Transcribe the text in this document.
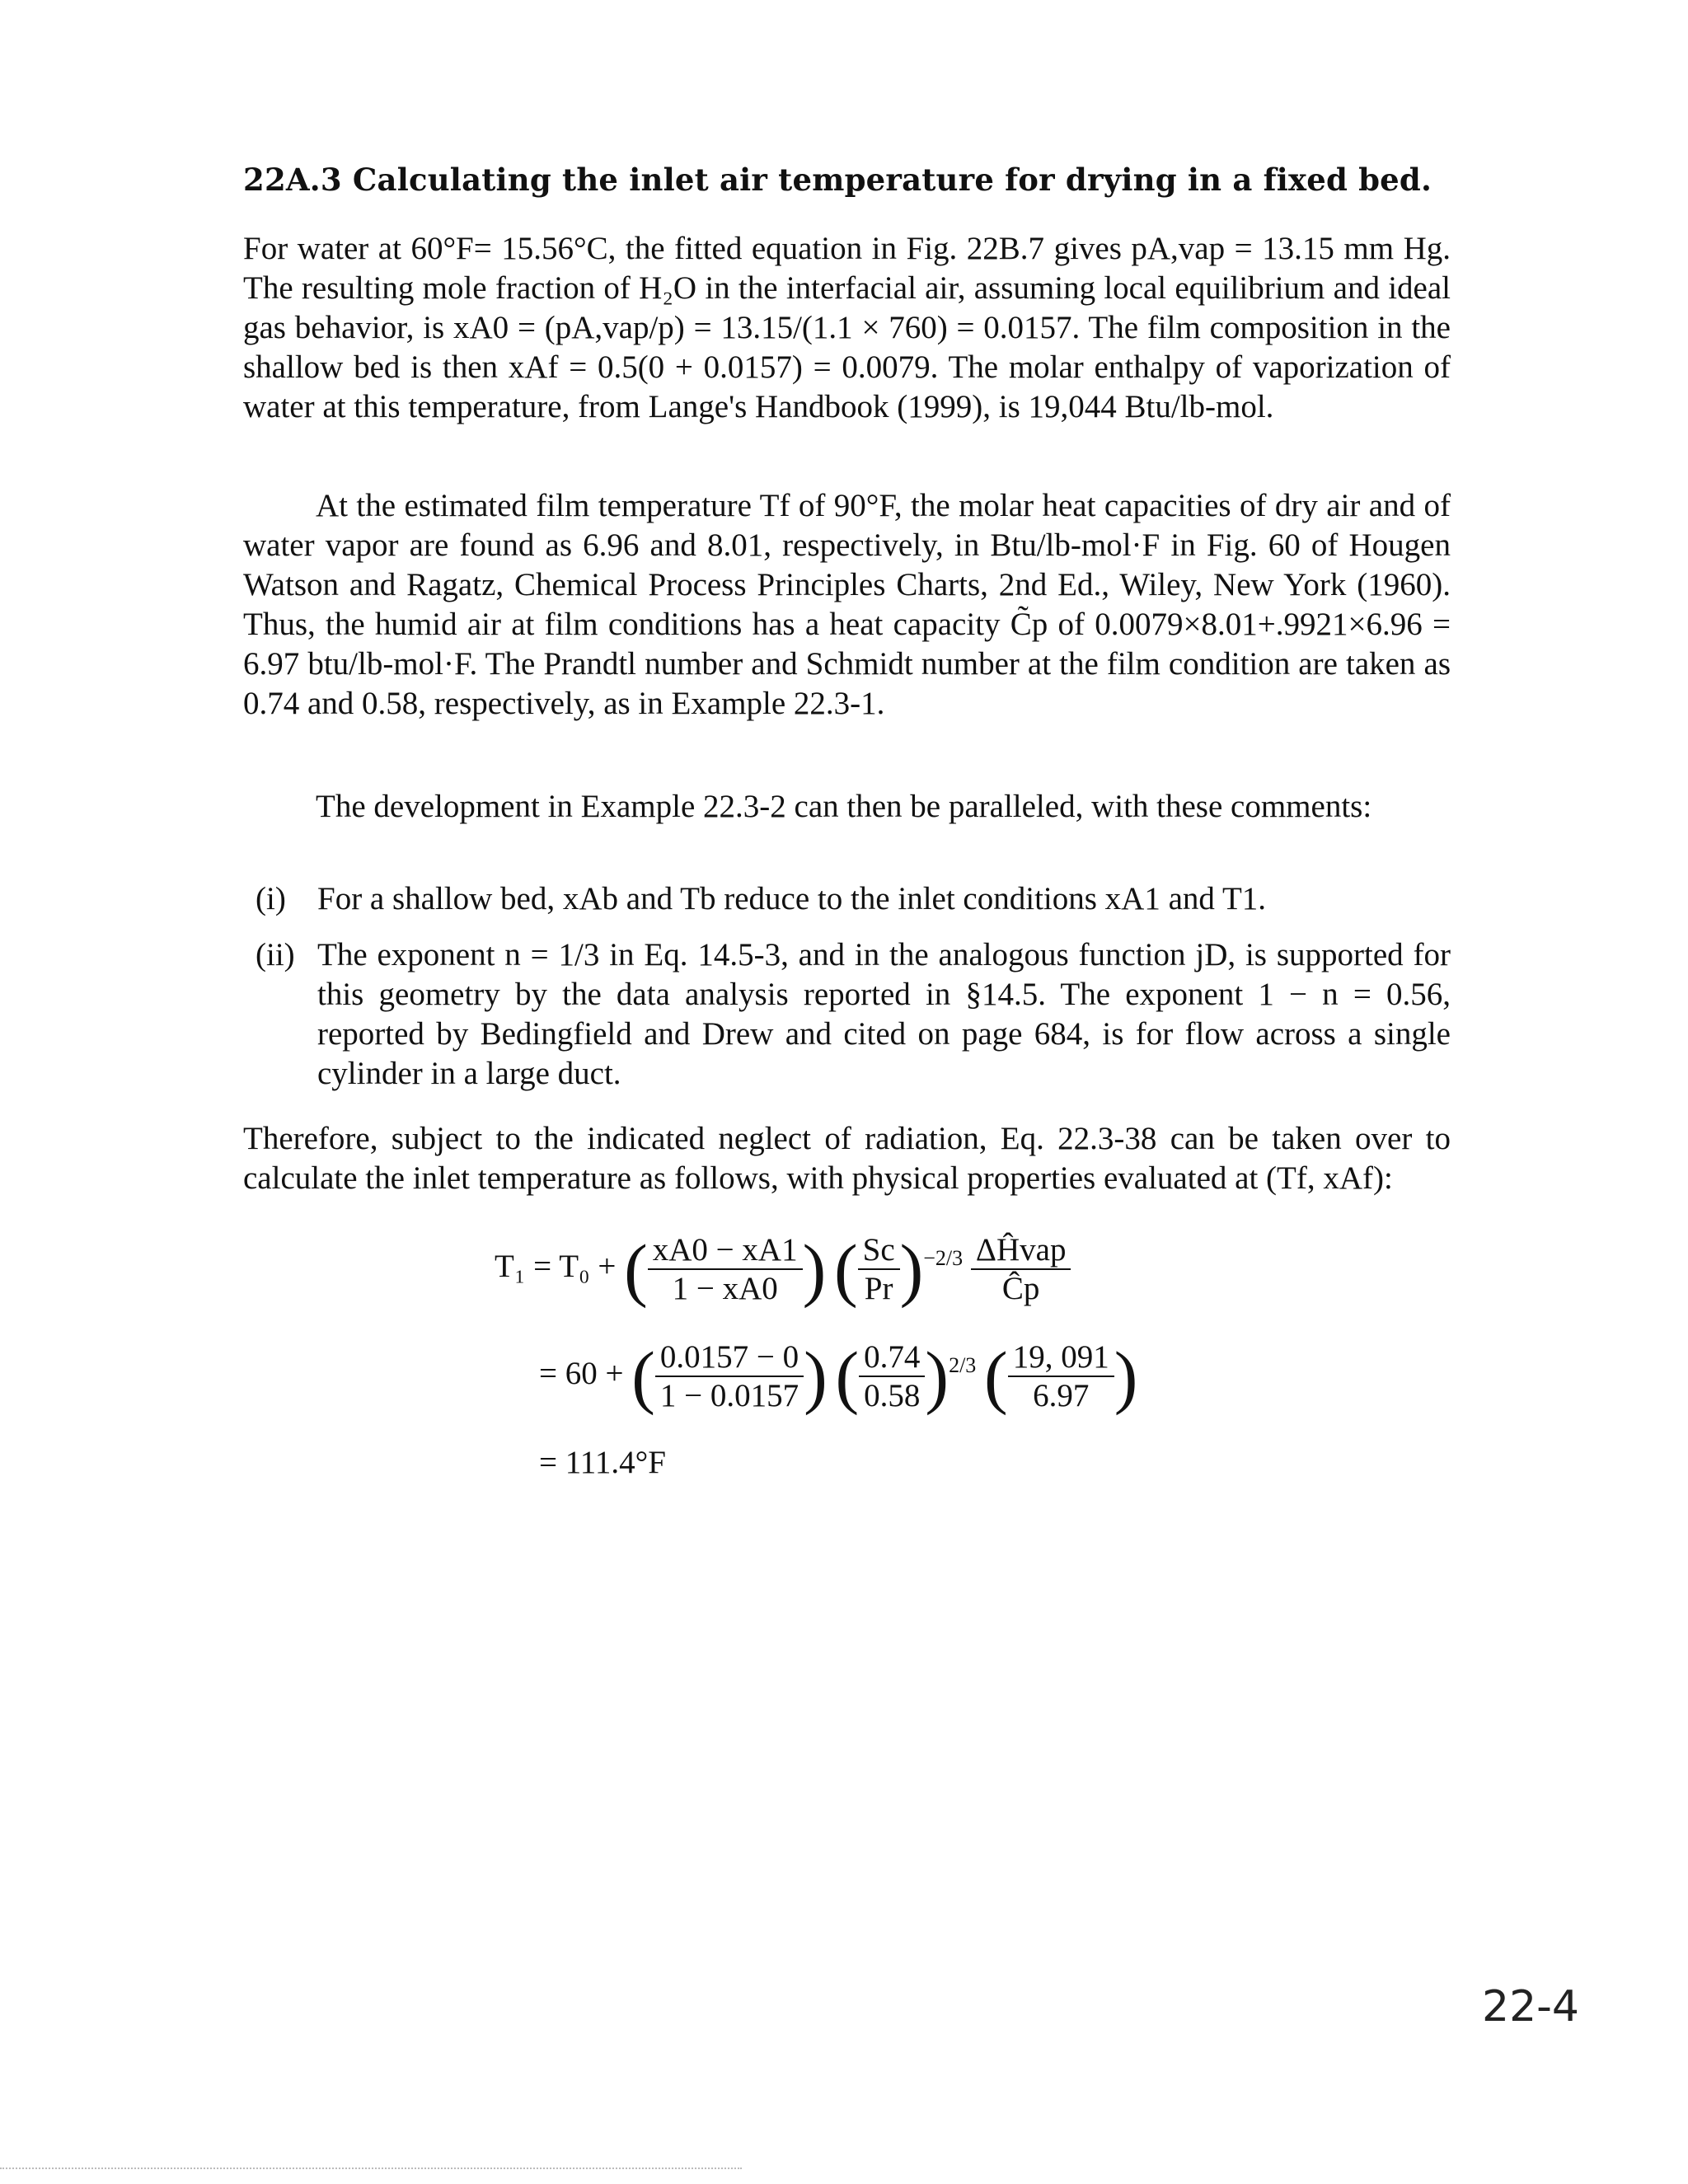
22A.3 Calculating the inlet air temperature for drying in a fixed bed.

For water at 60°F= 15.56°C, the fitted equation in Fig. 22B.7 gives pA,vap = 13.15 mm Hg. The resulting mole fraction of H₂O in the interfacial air, assuming local equilibrium and ideal gas behavior, is xA0 = (pA,vap/p) = 13.15/(1.1 × 760) = 0.0157. The film composition in the shallow bed is then xAf = 0.5(0 + 0.0157) = 0.0079. The molar enthalpy of vaporization of water at this temperature, from Lange's Handbook (1999), is 19,044 Btu/lb-mol.

At the estimated film temperature Tf of 90°F, the molar heat capacities of dry air and of water vapor are found as 6.96 and 8.01, respectively, in Btu/lb-mol·F in Fig. 60 of Hougen Watson and Ragatz, Chemical Process Principles Charts, 2nd Ed., Wiley, New York (1960). Thus, the humid air at film conditions has a heat capacity C̃p of 0.0079×8.01+.9921×6.96 = 6.97 btu/lb-mol·F. The Prandtl number and Schmidt number at the film condition are taken as 0.74 and 0.58, respectively, as in Example 22.3-1.

The development in Example 22.3-2 can then be paralleled, with these comments:

(i) For a shallow bed, xAb and Tb reduce to the inlet conditions xA1 and T1.
(ii) The exponent n = 1/3 in Eq. 14.5-3, and in the analogous function jD, is supported for this geometry by the data analysis reported in §14.5. The exponent 1 − n = 0.56, reported by Bedingfield and Drew and cited on page 684, is for flow across a single cylinder in a large duct.

Therefore, subject to the indicated neglect of radiation, Eq. 22.3-38 can be taken over to calculate the inlet temperature as follows, with physical properties evaluated at (Tf, xAf):

T₁ = T₀ + ( $\frac{xA0 - xA1}{1 - xA0}$ ) ( $\frac{Sc}{Pr} )^{-2/3} \frac{\text{ΔĤvap}}{Ĉp}$
= 60 + ( $\frac{0.0157 - 0}{1 - 0.0157}$ ) ( $\frac{0.74}{0.58} )^{2/3}$ ( $\frac{19, 091}{6.97}$ )
= 111.4°F
22-4
